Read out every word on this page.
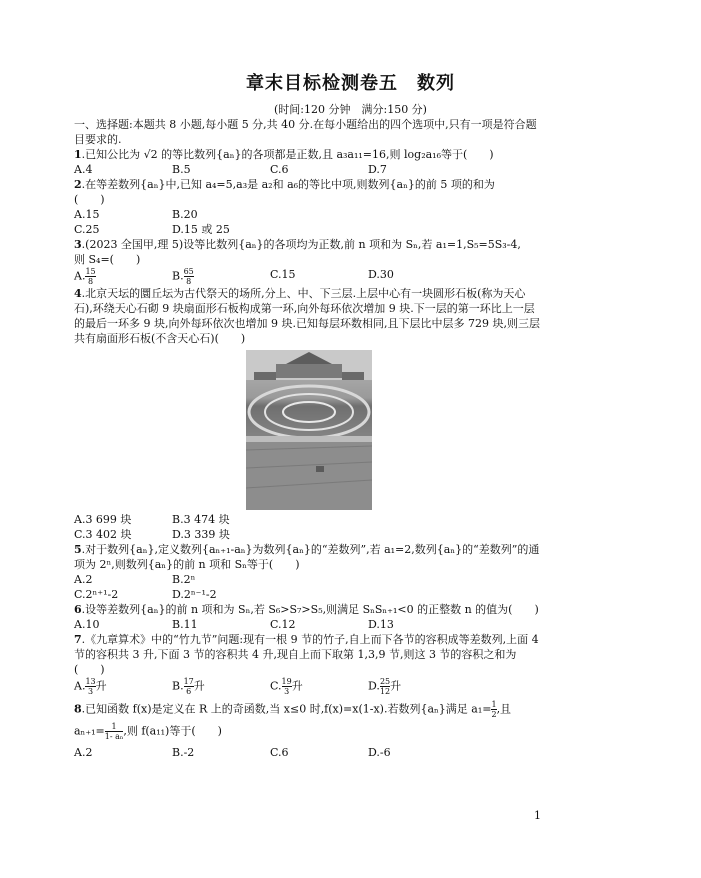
章末目标检测卷五　数列
(时间:120 分钟　满分:150 分)

一、选择题:本题共 8 小题,每小题 5 分,共 40 分.在每小题给出的四个选项中,只有一项是符合题目要求的.

1.已知公比为 √2 的等比数列{aₙ}的各项都是正数,且 a₃a₁₁=16,则 log₂a₁₆等于(　　)

A.4	B.5	C.6	D.7

2.在等差数列{aₙ}中,已知 a₄=5,a₃是 a₂和 a₆的等比中项,则数列{aₙ}的前 5 项的和为

(　　)

A.15	B.20
C.25	D.15 或 25

3.(2023 全国甲,理 5)设等比数列{aₙ}的各项均为正数,前 n 项和为 Sₙ,若 a₁=1,S₅=5S₃-4,

则 S₄=(　　)

A. $\frac{15}{8}$	B. $\frac{65}{8}$	C.15	D.30

4.北京天坛的圜丘坛为古代祭天的场所,分上、中、下三层.上层中心有一块圆形石板(称为天心石),环绕天心石砌 9 块扇面形石板构成第一环,向外每环依次增加 9 块.下一层的第一环比上一层的最后一环多 9 块,向外每环依次也增加 9 块.已知每层环数相同,且下层比中层多 729 块,则三层共有扇面形石板(不含天心石)(　　)

A.3 699 块	B.3 474 块
C.3 402 块	D.3 339 块

5.对于数列{aₙ},定义数列{aₙ₊₁-aₙ}为数列{aₙ}的“差数列”,若 a₁=2,数列{aₙ}的“差数列”的通项为 2ⁿ,则数列{aₙ}的前 n 项和 Sₙ等于(　　)

A.2	B.2ⁿ
C.2ⁿ⁺¹-2	D.2ⁿ⁻¹-2

6.设等差数列{aₙ}的前 n 项和为 Sₙ,若 S₆>S₇>S₅,则满足 SₙSₙ₊₁<0 的正整数 n 的值为(　　)

A.10	B.11	C.12	D.13

7.《九章算术》中的“竹九节”问题:现有一根 9 节的竹子,自上而下各节的容积成等差数列,上面 4 节的容积共 3 升,下面 3 节的容积共 4 升,现自上而下取第 1,3,9 节,则这 3 节的容积之和为(　　)

A. $\frac{13}{3}$ 升	B. $\frac{17}{6}$ 升	C. $\frac{19}{3}$ 升	D. $\frac{25}{12}$ 升

8.已知函数 f(x)是定义在 R 上的奇函数,当 x≤0 时,f(x)=x(1-x).若数列{aₙ}满足 $a_1= \frac{1}{2}$ ,且

$a_{n+1}= \frac{1}{\text{1- aₙ}}$ ,则 f(a₁₁)等于(　　)

A.2	B.-2	C.6	D.-6
1
